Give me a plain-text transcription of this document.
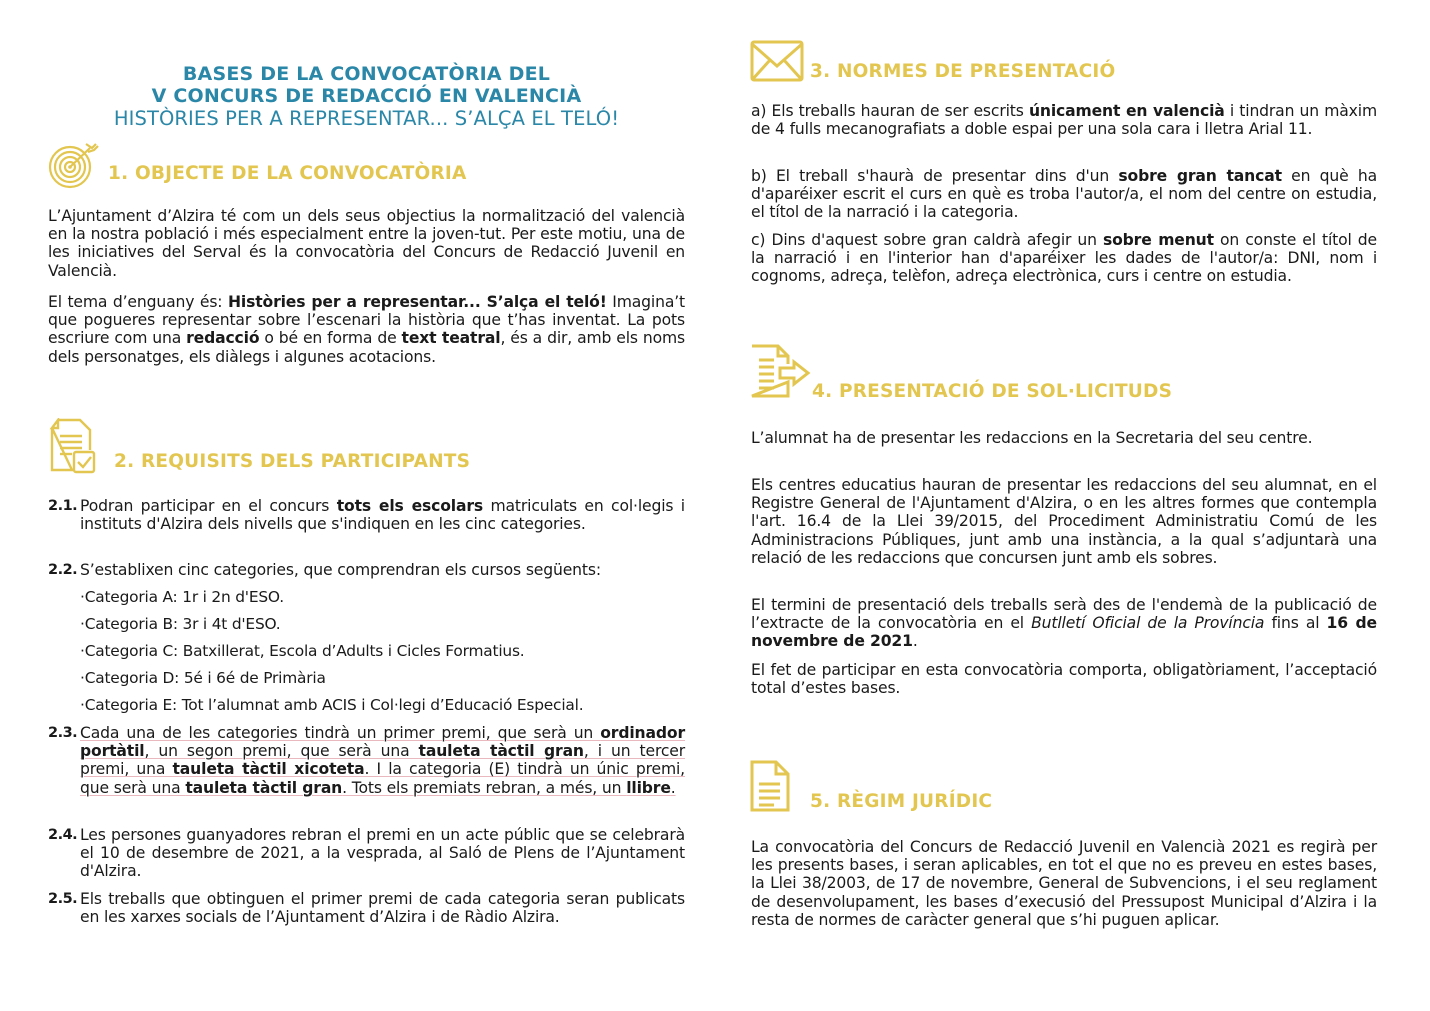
BASES DE LA CONVOCATÒRIA DEL
V CONCURS DE REDACCIÓ EN VALENCIÀ
HISTÒRIES PER A REPRESENTAR... S’ALÇA EL TELÓ!
1. OBJECTE DE LA CONVOCATÒRIA
L’Ajuntament d’Alzira té com un dels seus objectius la normalització del valencià en la nostra població i més especialment entre la joven-tut. Per este motiu, una de les iniciatives del Serval és la convocatòria del Concurs de Redacció Juvenil en Valencià.
El tema d’enguany és: Històries per a representar... S’alça el teló! Imagina’t que pogueres representar sobre l’escenari la història que t’has inventat. La pots escriure com una redacció o bé en forma de text teatral, és a dir, amb els noms dels personatges, els diàlegs i algunes acotacions.
2. REQUISITS DELS PARTICIPANTS
2.1. Podran participar en el concurs tots els escolars matriculats en col·legis i instituts d'Alzira dels nivells que s'indiquen en les cinc categories.
2.2. S’establixen cinc categories, que comprendran els cursos següents:
·Categoria A: 1r i 2n d'ESO.
·Categoria B: 3r i 4t d'ESO.
·Categoria C: Batxillerat, Escola d’Adults i Cicles Formatius.
·Categoria D: 5é i 6é de Primària
·Categoria E: Tot l’alumnat amb ACIS i Col·legi d’Educació Especial.
2.3. Cada una de les categories tindrà un primer premi, que serà un ordinador portàtil, un segon premi, que serà una tauleta tàctil gran, i un tercer premi, una tauleta tàctil xicoteta. I la categoria (E) tindrà un únic premi, que serà una tauleta tàctil gran. Tots els premiats rebran, a més, un llibre.
2.4. Les persones guanyadores rebran el premi en un acte públic que se celebrarà el 10 de desembre de 2021, a la vesprada, al Saló de Plens de l’Ajuntament d'Alzira.
2.5. Els treballs que obtinguen el primer premi de cada categoria seran publicats en les xarxes socials de l’Ajuntament d’Alzira i de Ràdio Alzira.
3. NORMES DE PRESENTACIÓ
a) Els treballs hauran de ser escrits únicament en valencià i tindran un màxim de 4 fulls mecanografiats a doble espai per una sola cara i lletra Arial 11.
b) El treball s'haurà de presentar dins d'un sobre gran tancat en què ha d'aparéixer escrit el curs en què es troba l'autor/a, el nom del centre on estudia, el títol de la narració i la categoria.
c) Dins d'aquest sobre gran caldrà afegir un sobre menut on conste el títol de la narració i en l'interior han d'aparéixer les dades de l'autor/a: DNI, nom i cognoms, adreça, telèfon, adreça electrònica, curs i centre on estudia.
4. PRESENTACIÓ DE SOL·LICITUDS
L’alumnat ha de presentar les redaccions en la Secretaria del seu centre.
Els centres educatius hauran de presentar les redaccions del seu alumnat, en el Registre General de l'Ajuntament d'Alzira, o en les altres formes que contempla l'art. 16.4 de la Llei 39/2015, del Procediment Administratiu Comú de les Administracions Públiques, junt amb una instància, a la qual s’adjuntarà una relació de les redaccions que concursen junt amb els sobres.
El termini de presentació dels treballs serà des de l'endemà de la publicació de l’extracte de la convocatòria en el Butlletí Oficial de la Província fins al 16 de novembre de 2021.
El fet de participar en esta convocatòria comporta, obligatòriament, l’acceptació total d’estes bases.
5. RÈGIM JURÍDIC
La convocatòria del Concurs de Redacció Juvenil en Valencià 2021 es regirà per les presents bases, i seran aplicables, en tot el que no es preveu en estes bases, la Llei 38/2003, de 17 de novembre, General de Subvencions, i el seu reglament de desenvolupament, les bases d’execusió del Pressupost Municipal d’Alzira i la resta de normes de caràcter general que s’hi puguen aplicar.
